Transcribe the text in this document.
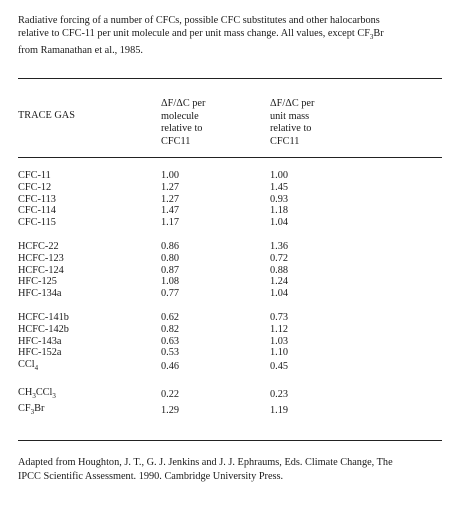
Radiative forcing of a number of CFCs, possible CFC substitutes and other halocarbons
relative to CFC-11 per unit molecule and per unit mass change. All values, except $CF_3Br$
from Ramanathan et al., 1985.
TRACE GAS
ΔF/ΔC per
molecule
relative to
CFC11
ΔF/ΔC per
unit mass
relative to
CFC11
CFC-11	1.00	1.00
CFC-12	1.27	1.45
CFC-113	1.27	0.93
CFC-114	1.47	1.18
CFC-115	1.17	1.04

HCFC-22	0.86	1.36
HCFC-123	0.80	0.72
HCFC-124	0.87	0.88
HFC-125	1.08	1.24
HFC-134a	0.77	1.04

HCFC-141b	0.62	0.73
HCFC-142b	0.82	1.12
HFC-143a	0.63	1.03
HFC-152a	0.53	1.10
CCl$_4$	0.46	0.45

$CH_3CCl_3$	0.22	0.23
$CF_3Br$	1.29	1.19
Adapted from Houghton, J. T., G. J. Jenkins and J. J. Ephraums, Eds. Climate Change, The
IPCC Scientific Assessment. 1990. Cambridge University Press.
